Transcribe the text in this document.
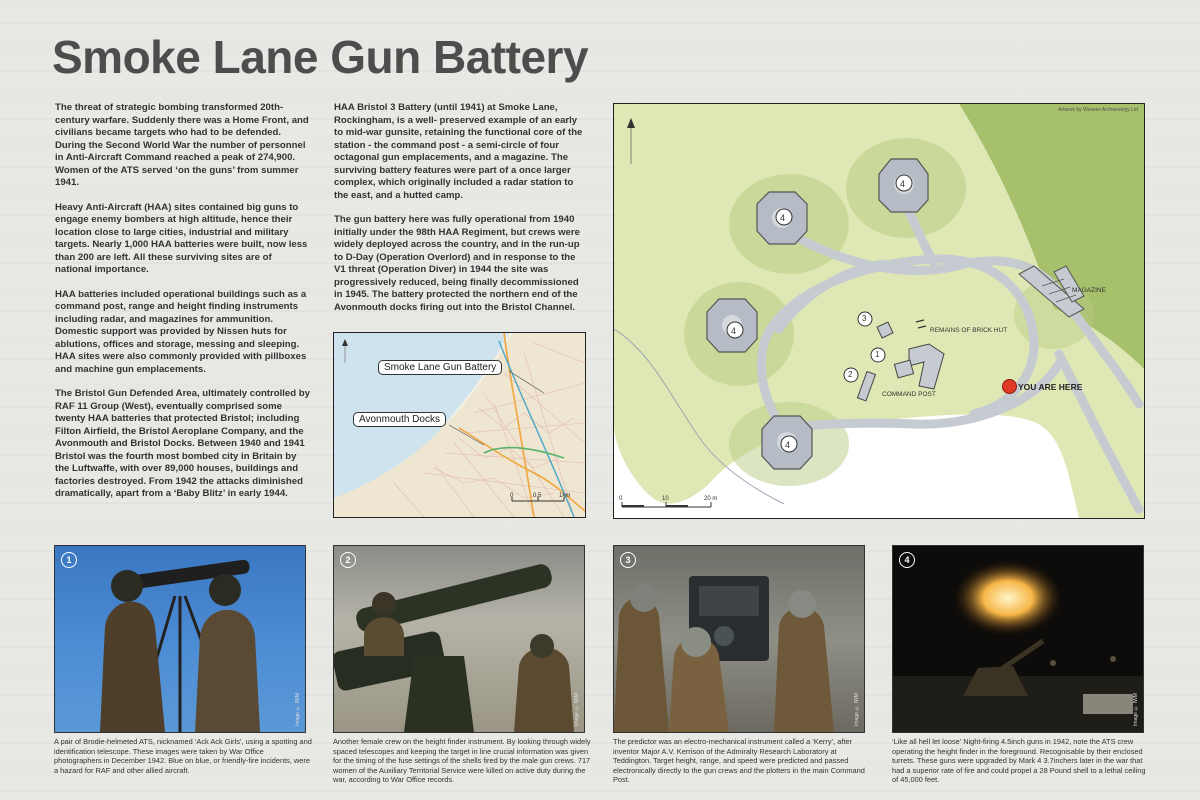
Smoke Lane Gun Battery

The threat of strategic bombing transformed 20th-century warfare. Suddenly there was a Home Front, and civilians became targets who had to be defended. During the Second World War the number of personnel in Anti-Aircraft Command reached a peak of 274,900. Women of the ATS served ‘on the guns’ from summer 1941.

Heavy Anti-Aircraft (HAA) sites contained big guns to engage enemy bombers at high altitude, hence their location close to large cities, industrial and military targets. Nearly 1,000 HAA batteries were built, now less than 200 are left. All these surviving sites are of national importance.

HAA batteries included operational buildings such as a command post, range and height finding instruments including radar, and magazines for ammunition. Domestic support was provided by Nissen huts for ablutions, offices and storage, messing and sleeping. HAA sites were also commonly provided with pillboxes and machine gun emplacements.

The Bristol Gun Defended Area, ultimately controlled by RAF 11 Group (West), eventually comprised some twenty HAA batteries that protected Bristol; including Filton Airfield, the Bristol Aeroplane Company, and the Avonmouth and Bristol Docks. Between 1940 and 1941 Bristol was the fourth most bombed city in Britain by the Luftwaffe, with over 89,000 houses, buildings and factories destroyed. From 1942 the attacks diminished dramatically, apart from a ‘Baby Blitz’ in early 1944.

HAA Bristol 3 Battery (until 1941) at Smoke Lane, Rockingham, is a well- preserved example of an early to mid-war gunsite, retaining the functional core of the station - the command post - a semi-circle of four octagonal gun emplacements, and a magazine. The surviving battery features were part of a once larger complex, which originally included a radar station to the east, and a hutted camp.

The gun battery here was fully operational from 1940 initially under the 98th HAA Regiment, but crews were widely deployed across the country, and in the run-up to D-Day (Operation Overlord) and in response to the V1 threat (Operation Diver) in 1944 the site was progressively reduced, being finally decommissioned in 1945. The battery protected the northern end of the Avonmouth docks firing out into the Bristol Channel.

Smoke Lane Gun Battery
Avonmouth Docks
0	0.5	1km
Artwork by Wessex Archaeology Ltd
4
4
4
4
1
2
3
MAGAZINE
REMAINS OF BRICK HUT
COMMAND POST
YOU ARE HERE
0	10	20 m
1
Image © IWM
2
Image © IWM
3
Image © IWM
4
Image © IWM
A pair of Brodie-helmeted ATS, nicknamed ‘Ack Ack Girls’, using a spotting and identification telescope. These images were taken by War Office photographers in December 1942. Blue on blue, or friendly-fire incidents, were a hazard for RAF and other allied aircraft.
Another female crew on the height finder instrument. By looking through widely spaced telescopes and keeping the target in line crucial information was given for the timing of the fuse settings of the shells fired by the male gun crews. 717 women of the Auxiliary Territorial Service were killed on active duty during the war, according to War Office records.
The predictor was an electro-mechanical instrument called a ‘Kerry’, after inventor Major A.V. Kerrison of the Admiralty Research Laboratory at Teddington. Target height, range, and speed were predicted and passed electronically directly to the gun crews and the plotters in the main Command Post.
‘Like all hell let loose’ Night-firing 4.5inch guns in 1942, note the ATS crew operating the height finder in the foreground. Recognisable by their enclosed turrets. These guns were upgraded by Mark 4 3.7inchers later in the war that had a superior rate of fire and could propel a 28 Pound shell to a lethal ceiling of 45,000 feet.
